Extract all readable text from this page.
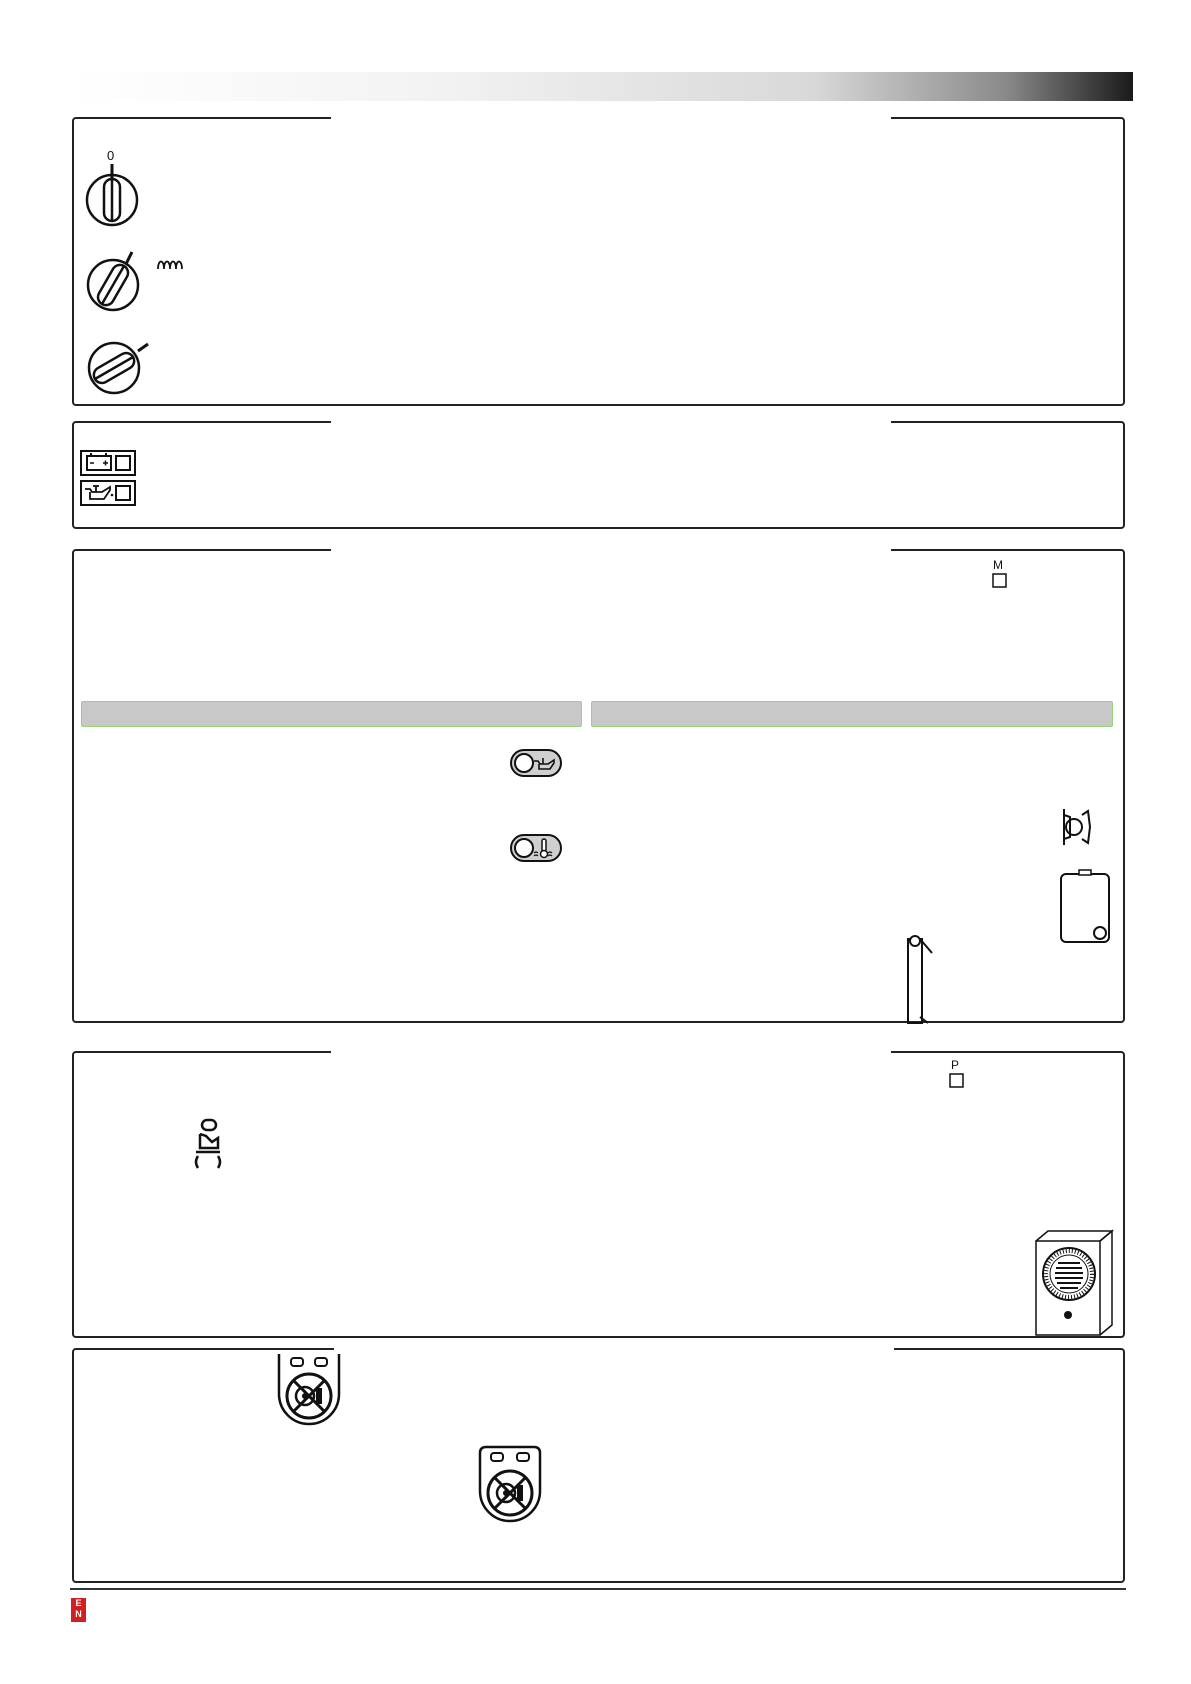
0
M
P
E
N
